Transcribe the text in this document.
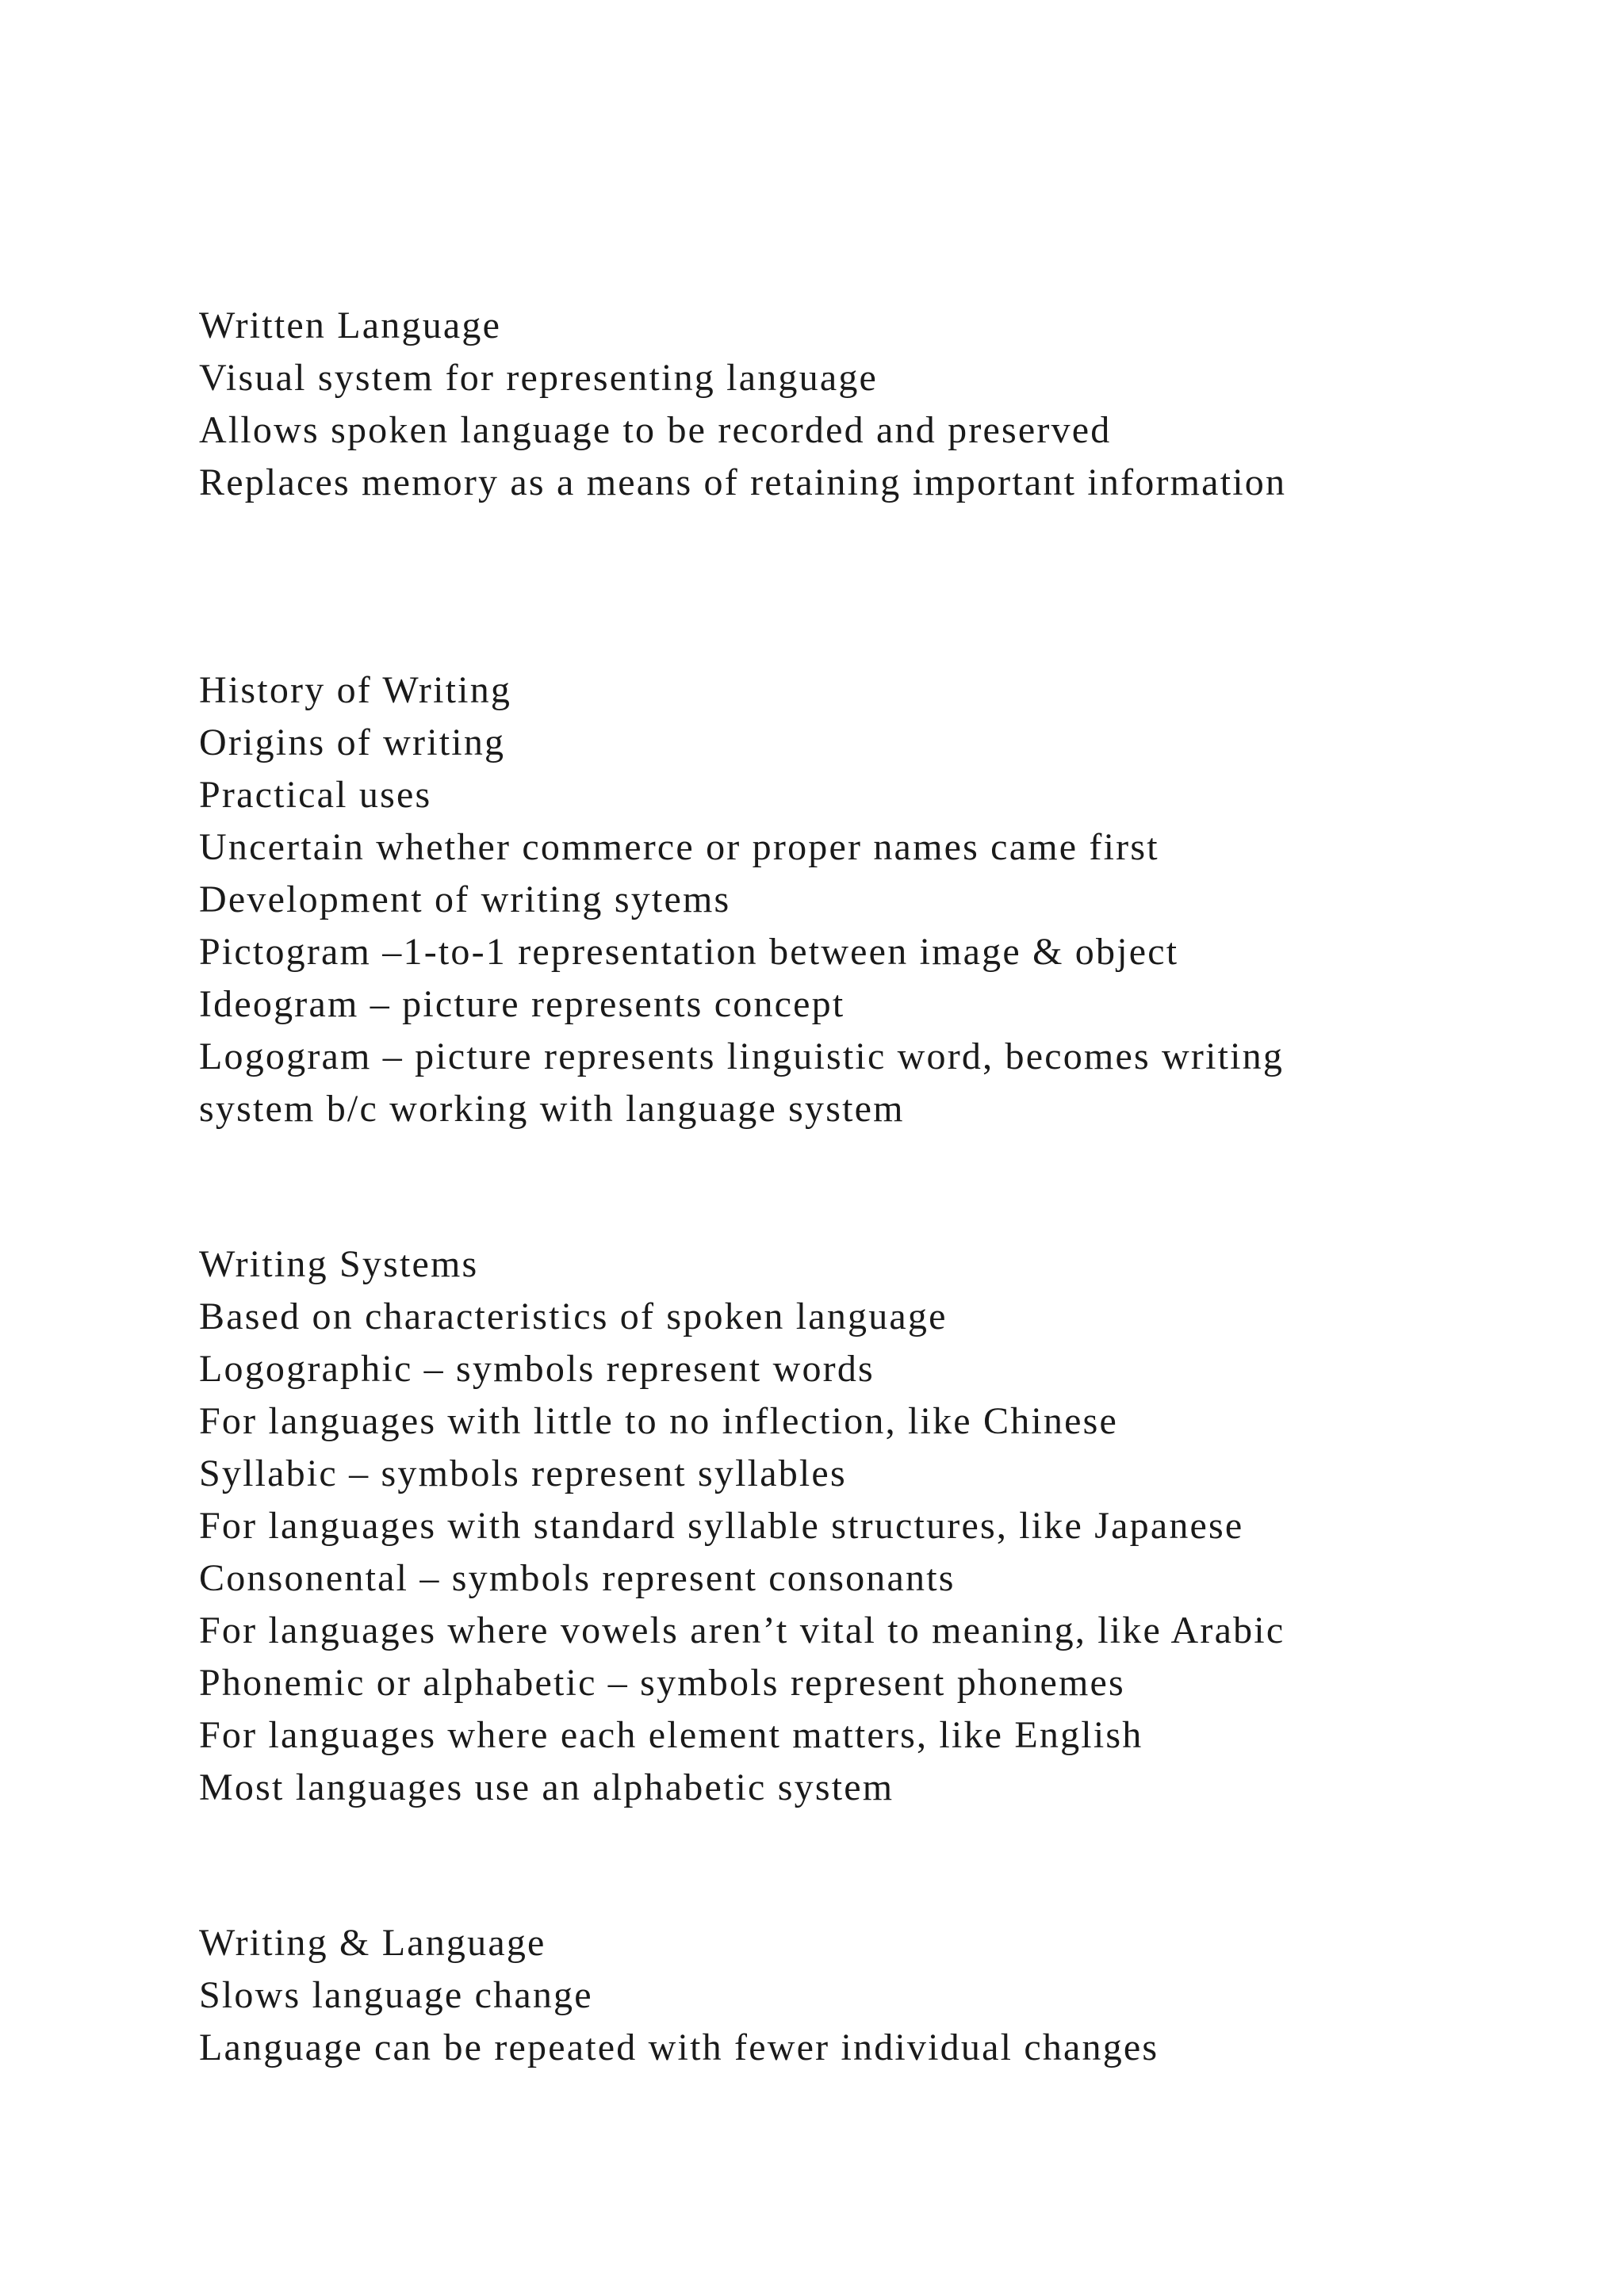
Written Language
Visual system for representing language
Allows spoken language to be recorded and preserved
Replaces memory as a means of retaining important information
History of Writing
Origins of writing
Practical uses
Uncertain whether commerce or proper names came first
Development of writing sytems
Pictogram –1-to-1 representation between image & object
Ideogram – picture represents concept
Logogram – picture represents linguistic word, becomes writing
system b/c working with language system
Writing Systems
Based on characteristics of spoken language
Logographic – symbols represent words
For languages with little to no inflection, like Chinese
Syllabic – symbols represent syllables
For languages with standard syllable structures, like Japanese
Consonental – symbols represent consonants
For languages where vowels aren’t vital to meaning, like Arabic
Phonemic or alphabetic – symbols represent phonemes
For languages where each element matters, like English
Most languages use an alphabetic system
Writing & Language
Slows language change
Language can be repeated with fewer individual changes
